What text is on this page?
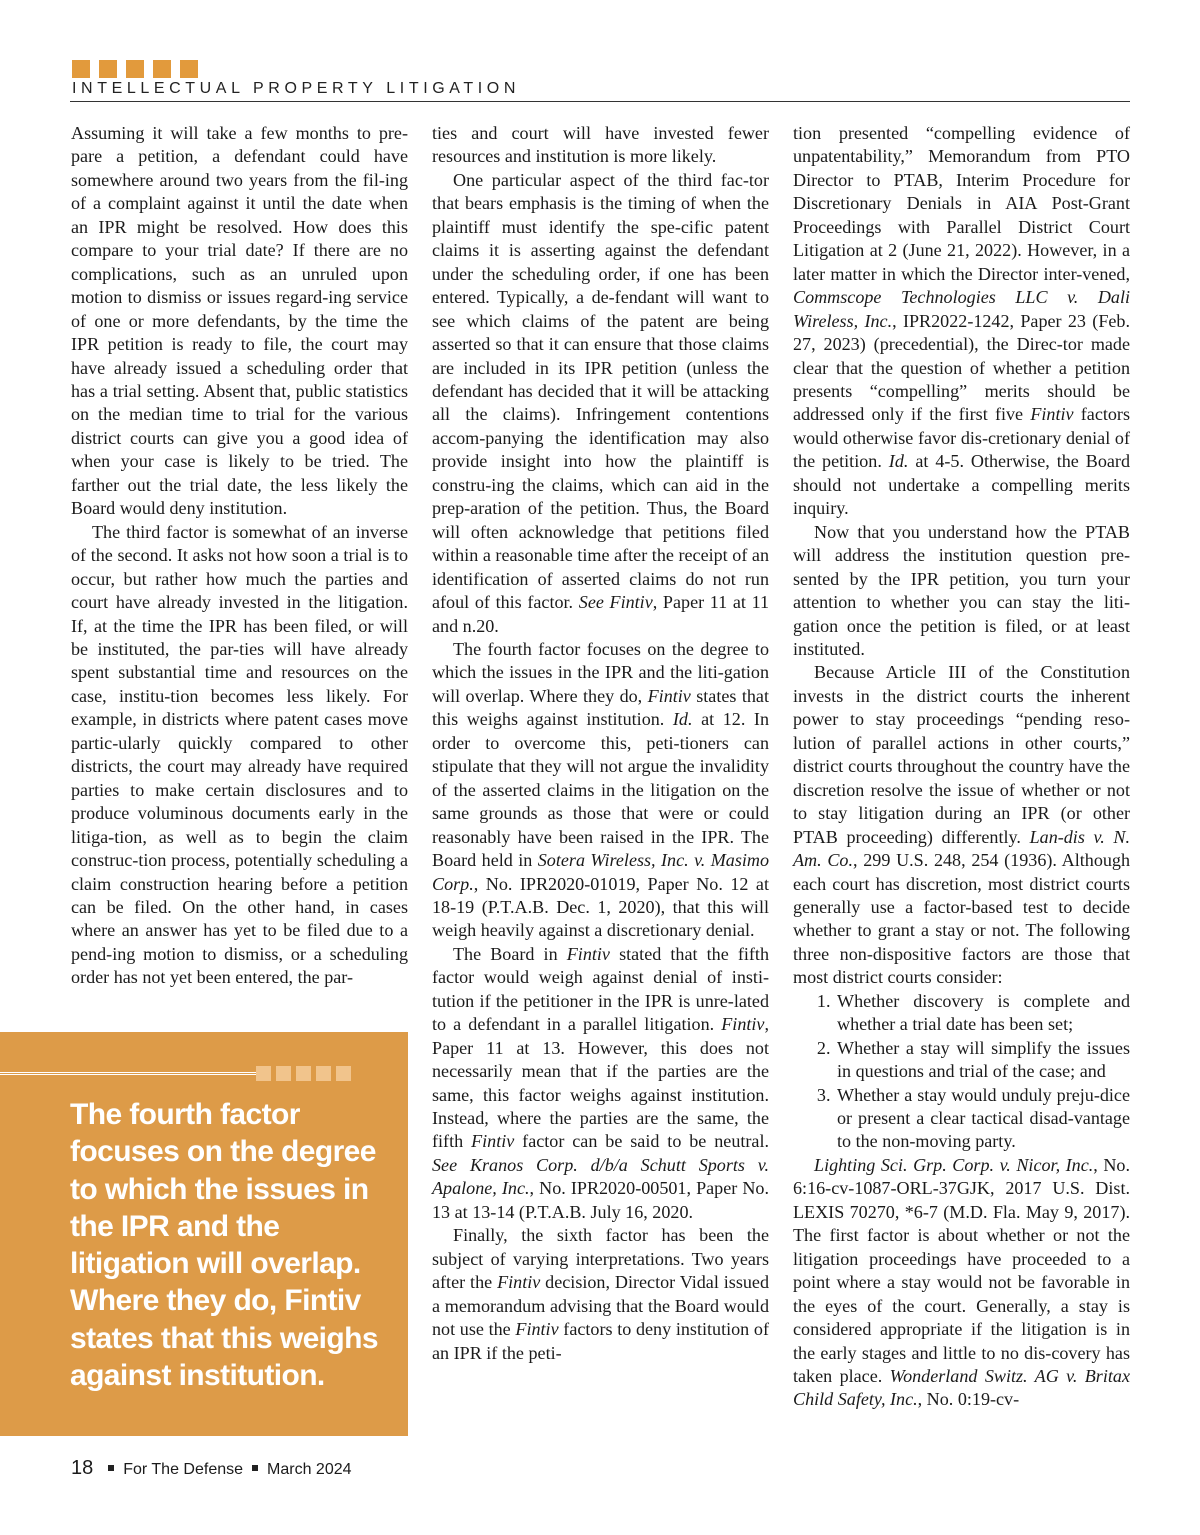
INTELLECTUAL PROPERTY LITIGATION

Assuming it will take a few months to pre-pare a petition, a defendant could have somewhere around two years from the fil-ing of a complaint against it until the date when an IPR might be resolved. How does this compare to your trial date? If there are no complications, such as an unruled upon motion to dismiss or issues regard-ing service of one or more defendants, by the time the IPR petition is ready to file, the court may have already issued a scheduling order that has a trial setting. Absent that, public statistics on the median time to trial for the various district courts can give you a good idea of when your case is likely to be tried. The farther out the trial date, the less likely the Board would deny institution.

The third factor is somewhat of an inverse of the second. It asks not how soon a trial is to occur, but rather how much the parties and court have already invested in the litigation. If, at the time the IPR has been filed, or will be instituted, the par-ties will have already spent substantial time and resources on the case, institu-tion becomes less likely. For example, in districts where patent cases move partic-ularly quickly compared to other districts, the court may already have required parties to make certain disclosures and to produce voluminous documents early in the litiga-tion, as well as to begin the claim construc-tion process, potentially scheduling a claim construction hearing before a petition can be filed. On the other hand, in cases where an answer has yet to be filed due to a pend-ing motion to dismiss, or a scheduling order has not yet been entered, the par-

ties and court will have invested fewer resources and institution is more likely.

One particular aspect of the third fac-tor that bears emphasis is the timing of when the plaintiff must identify the spe-cific patent claims it is asserting against the defendant under the scheduling order, if one has been entered. Typically, a de-fendant will want to see which claims of the patent are being asserted so that it can ensure that those claims are included in its IPR petition (unless the defendant has decided that it will be attacking all the claims). Infringement contentions accom-panying the identification may also provide insight into how the plaintiff is constru-ing the claims, which can aid in the prep-aration of the petition. Thus, the Board will often acknowledge that petitions filed within a reasonable time after the receipt of an identification of asserted claims do not run afoul of this factor. See Fintiv, Paper 11 at 11 and n.20.

The fourth factor focuses on the degree to which the issues in the IPR and the liti-gation will overlap. Where they do, Fintiv states that this weighs against institution. Id. at 12. In order to overcome this, peti-tioners can stipulate that they will not argue the invalidity of the asserted claims in the litigation on the same grounds as those that were or could reasonably have been raised in the IPR. The Board held in Sotera Wireless, Inc. v. Masimo Corp., No. IPR2020-01019, Paper No. 12 at 18-19 (P.T.A.B. Dec. 1, 2020), that this will weigh heavily against a discretionary denial.

The Board in Fintiv stated that the fifth factor would weigh against denial of insti-tution if the petitioner in the IPR is unre-lated to a defendant in a parallel litigation. Fintiv, Paper 11 at 13. However, this does not necessarily mean that if the parties are the same, this factor weighs against institution. Instead, where the parties are the same, the fifth Fintiv factor can be said to be neutral. See Kranos Corp. d/b/a Schutt Sports v. Apalone, Inc., No. IPR2020-00501, Paper No. 13 at 13-14 (P.T.A.B. July 16, 2020.

Finally, the sixth factor has been the subject of varying interpretations. Two years after the Fintiv decision, Director Vidal issued a memorandum advising that the Board would not use the Fintiv factors to deny institution of an IPR if the peti-

tion presented “compelling evidence of unpatentability,” Memorandum from PTO Director to PTAB, Interim Procedure for Discretionary Denials in AIA Post-Grant Proceedings with Parallel District Court Litigation at 2 (June 21, 2022). However, in a later matter in which the Director inter-vened, Commscope Technologies LLC v. Dali Wireless, Inc., IPR2022-1242, Paper 23 (Feb. 27, 2023) (precedential), the Direc-tor made clear that the question of whether a petition presents “compelling” merits should be addressed only if the first five Fintiv factors would otherwise favor dis-cretionary denial of the petition. Id. at 4-5. Otherwise, the Board should not undertake a compelling merits inquiry.

Now that you understand how the PTAB will address the institution question pre-sented by the IPR petition, you turn your attention to whether you can stay the liti-gation once the petition is filed, or at least instituted.

Because Article III of the Constitution invests in the district courts the inherent power to stay proceedings “pending reso-lution of parallel actions in other courts,” district courts throughout the country have the discretion resolve the issue of whether or not to stay litigation during an IPR (or other PTAB proceeding) differently. Lan-dis v. N. Am. Co., 299 U.S. 248, 254 (1936). Although each court has discretion, most district courts generally use a factor-based test to decide whether to grant a stay or not. The following three non-dispositive factors are those that most district courts consider:

1. Whether discovery is complete and whether a trial date has been set;
2. Whether a stay will simplify the issues in questions and trial of the case; and
3. Whether a stay would unduly preju-dice or present a clear tactical disad-vantage to the non-moving party.

Lighting Sci. Grp. Corp. v. Nicor, Inc., No. 6:16-cv-1087-ORL-37GJK, 2017 U.S. Dist. LEXIS 70270, *6-7 (M.D. Fla. May 9, 2017). The first factor is about whether or not the litigation proceedings have proceeded to a point where a stay would not be favorable in the eyes of the court. Generally, a stay is considered appropriate if the litigation is in the early stages and little to no dis-covery has taken place. Wonderland Switz. AG v. Britax Child Safety, Inc., No. 0:19-cv-

The fourth factor focuses on the degree to which the issues in the IPR and the litigation will overlap. Where they do, Fintiv states that this weighs against institution.
18 For The Defense March 2024
